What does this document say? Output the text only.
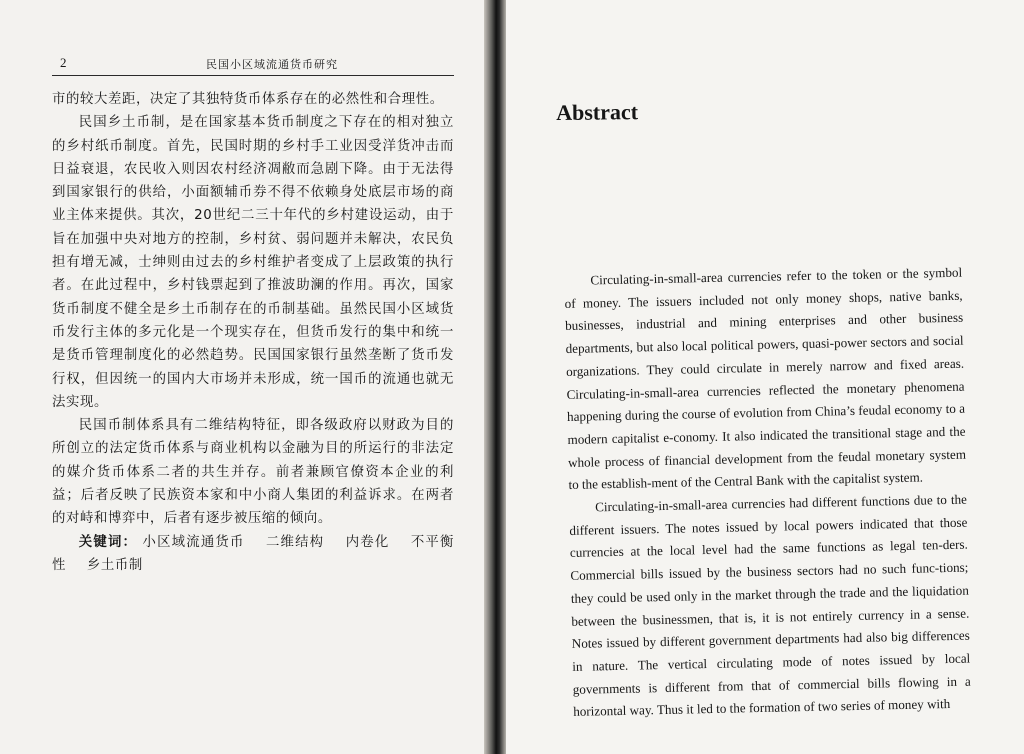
2	民国小区域流通货币研究

市的较大差距，决定了其独特货币体系存在的必然性和合理性。

民国乡土币制，是在国家基本货币制度之下存在的相对独立的乡村纸币制度。首先，民国时期的乡村手工业因受洋货冲击而日益衰退，农民收入则因农村经济凋敝而急剧下降。由于无法得到国家银行的供给，小面额辅币券不得不依赖身处底层市场的商业主体来提供。其次，20世纪二三十年代的乡村建设运动，由于旨在加强中央对地方的控制，乡村贫、弱问题并未解决，农民负担有增无减，士绅则由过去的乡村维护者变成了上层政策的执行者。在此过程中，乡村钱票起到了推波助澜的作用。再次，国家货币制度不健全是乡土币制存在的币制基础。虽然民国小区域货币发行主体的多元化是一个现实存在，但货币发行的集中和统一是货币管理制度化的必然趋势。民国国家银行虽然垄断了货币发行权，但因统一的国内大市场并未形成，统一国币的流通也就无法实现。

民国币制体系具有二维结构特征，即各级政府以财政为目的所创立的法定货币体系与商业机构以金融为目的所运行的非法定的媒介货币体系二者的共生并存。前者兼顾官僚资本企业的利益；后者反映了民族资本家和中小商人集团的利益诉求。在两者的对峙和博弈中，后者有逐步被压缩的倾向。

关键词： 小区域流通货币 二维结构 内卷化 不平衡性 乡土币制

Abstract

Circulating-in-small-area currencies refer to the token or the symbol of money. The issuers included not only money shops, native banks, businesses, industrial and mining enterprises and other business departments, but also local political powers, quasi-power sectors and social organizations. They could circulate in merely narrow and fixed areas. Circulating-in-small-area currencies reflected the monetary phenomena happening during the course of evolution from China’s feudal economy to a modern capitalist e-conomy. It also indicated the transitional stage and the whole process of financial development from the feudal monetary system to the establish-ment of the Central Bank with the capitalist system.

Circulating-in-small-area currencies had different functions due to the different issuers. The notes issued by local powers indicated that those currencies at the local level had the same functions as legal ten-ders. Commercial bills issued by the business sectors had no such func-tions; they could be used only in the market through the trade and the liquidation between the businessmen, that is, it is not entirely currency in a sense. Notes issued by different government departments had also big differences in nature. The vertical circulating mode of notes issued by local governments is different from that of commercial bills flowing in a horizontal way. Thus it led to the formation of two series of money with
